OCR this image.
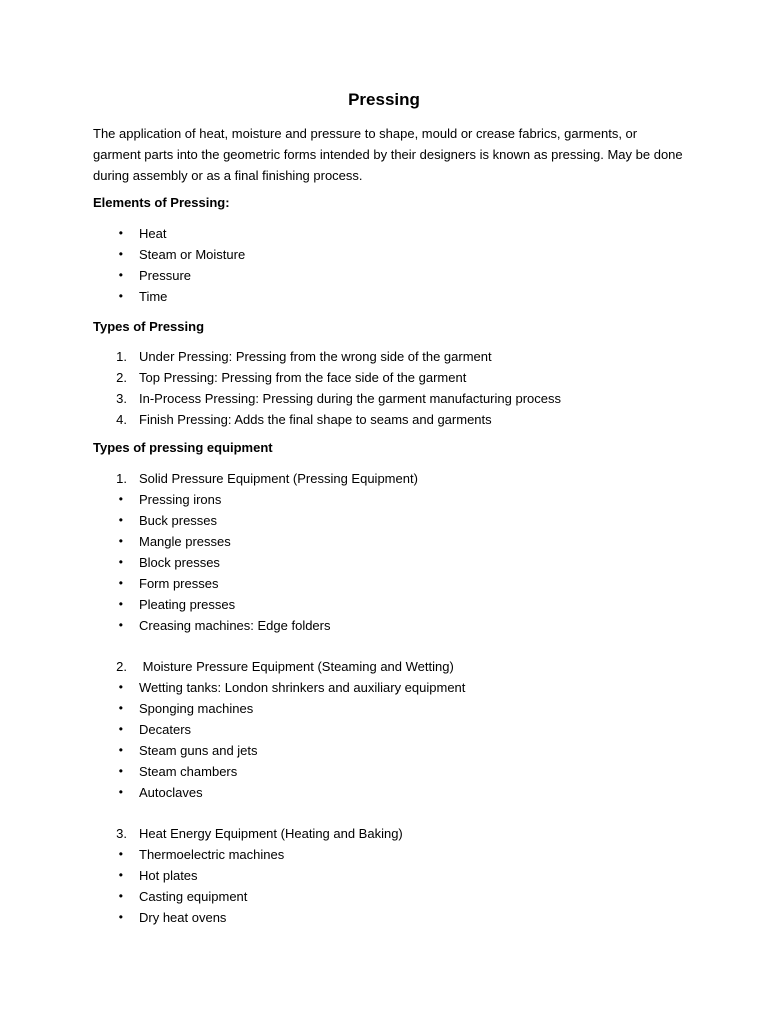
Pressing

The application of heat, moisture and pressure to shape, mould or crease fabrics, garments, or garment parts into the geometric forms intended by their designers is known as pressing. May be done during assembly or as a final finishing process.

Elements of Pressing:

• Heat
• Steam or Moisture
• Pressure
• Time

Types of Pressing

1. Under Pressing: Pressing from the wrong side of the garment
2. Top Pressing: Pressing from the face side of the garment
3. In-Process Pressing: Pressing during the garment manufacturing process
4. Finish Pressing: Adds the final shape to seams and garments

Types of pressing equipment

1. Solid Pressure Equipment (Pressing Equipment)
• Pressing irons
• Buck presses
• Mangle presses
• Block presses
• Form presses
• Pleating presses
• Creasing machines: Edge folders
2. Moisture Pressure Equipment (Steaming and Wetting)
• Wetting tanks: London shrinkers and auxiliary equipment
• Sponging machines
• Decaters
• Steam guns and jets
• Steam chambers
• Autoclaves
3. Heat Energy Equipment (Heating and Baking)
• Thermoelectric machines
• Hot plates
• Casting equipment
• Dry heat ovens
